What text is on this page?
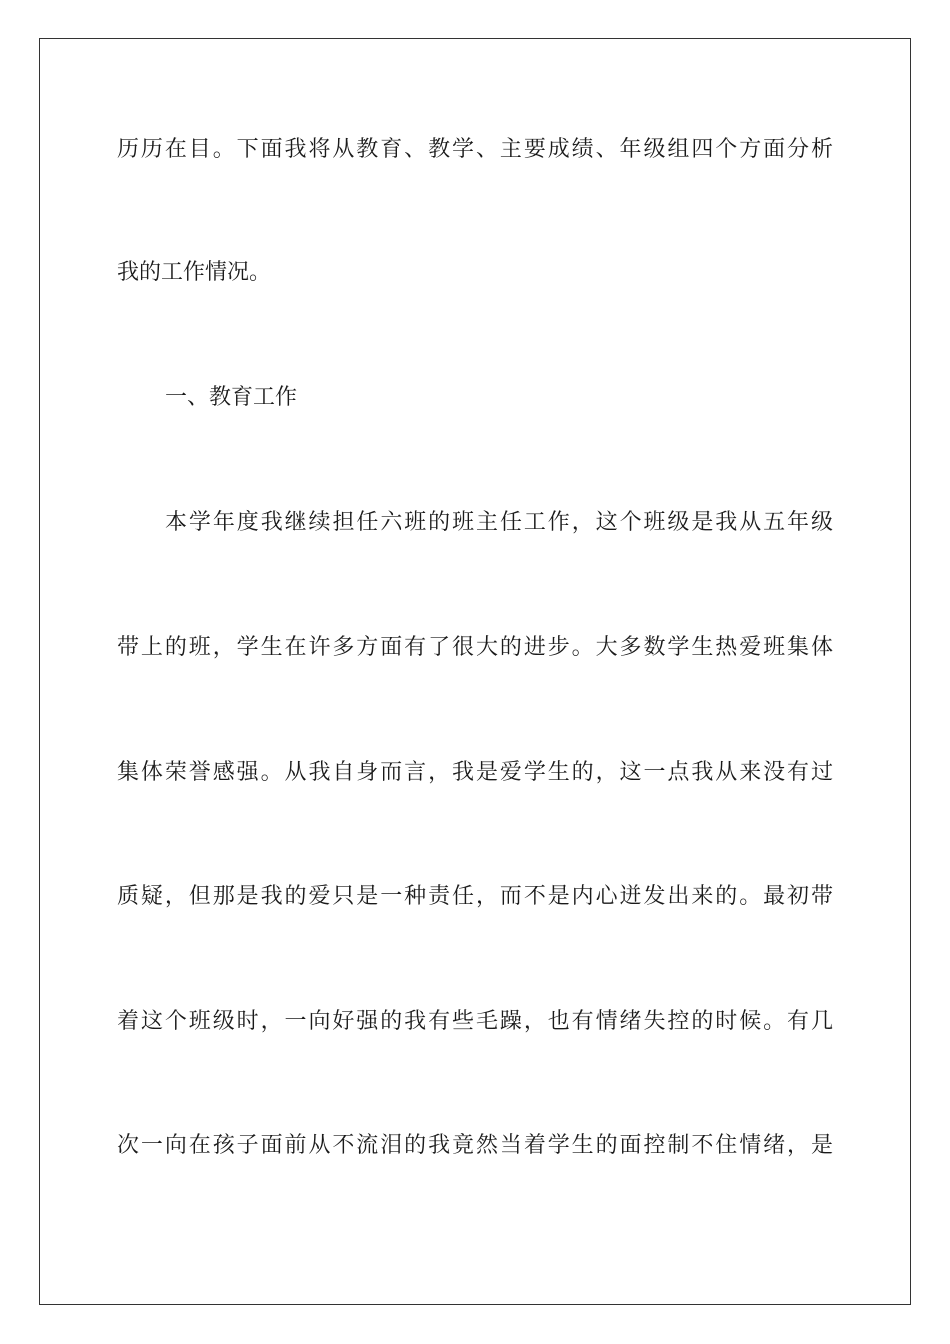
历历在目。下面我将从教育、教学、主要成绩、年级组四个方面分析
我的工作情况。
一、教育工作
本学年度我继续担任六班的班主任工作，这个班级是我从五年级
带上的班，学生在许多方面有了很大的进步。大多数学生热爱班集体
集体荣誉感强。从我自身而言，我是爱学生的，这一点我从来没有过
质疑，但那是我的爱只是一种责任，而不是内心迸发出来的。最初带
着这个班级时，一向好强的我有些毛躁，也有情绪失控的时候。有几
次一向在孩子面前从不流泪的我竟然当着学生的面控制不住情绪，是
